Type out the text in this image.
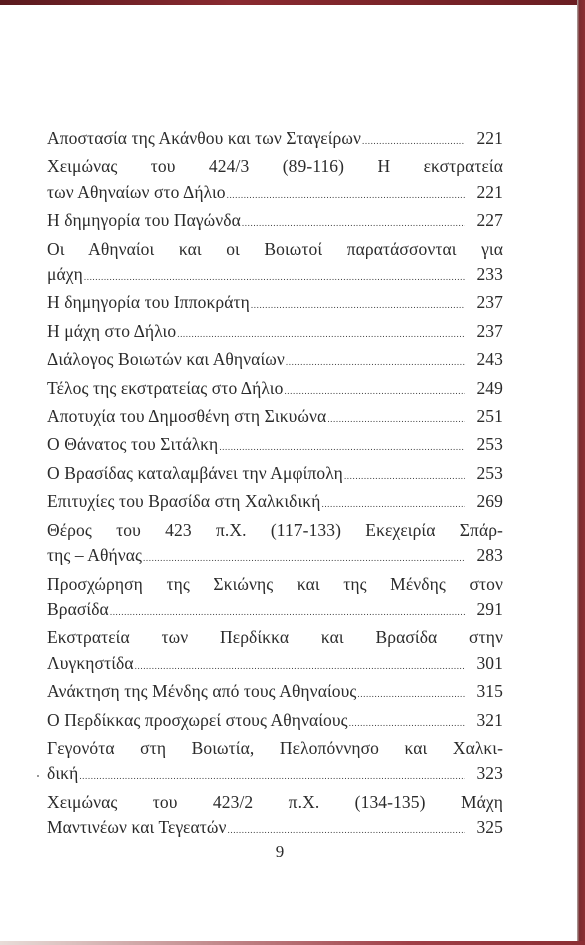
Αποστασία της Ακάνθου και των Σταγείρων .....	221
Χειμώνας του 424/3 (89-116) Η εκστρατεία
των Αθηναίων στο Δήλιο .....	221
Η δημηγορία του Παγώνδα .....	227
Οι Αθηναίοι και οι Βοιωτοί παρατάσσονται για
μάχη .....	233
Η δημηγορία του Ιπποκράτη .....	237
Η μάχη στο Δήλιο .....	237
Διάλογος Βοιωτών και Αθηναίων .....	243
Τέλος της εκστρατείας στο Δήλιο .....	249
Αποτυχία του Δημοσθένη στη Σικυώνα .....	251
Ο Θάνατος του Σιτάλκη .....	253
Ο Βρασίδας καταλαμβάνει την Αμφίπολη .....	253
Επιτυχίες του Βρασίδα στη Χαλκιδική .....	269
Θέρος του 423 π.Χ. (117-133) Εκεχειρία Σπάρ-
της – Αθήνας .....	283
Προσχώρηση της Σκιώνης και της Μένδης στον
Βρασίδα .....	291
Εκστρατεία των Περδίκκα και Βρασίδα στην
Λυγκηστίδα .....	301
Ανάκτηση της Μένδης από τους Αθηναίους .....	315
Ο Περδίκκας προσχωρεί στους Αθηναίους .....	321
Γεγονότα στη Βοιωτία, Πελοπόννησο και Χαλκι-
δική .....	323
Χειμώνας του 423/2 π.Χ. (134-135) Μάχη
Μαντινέων και Τεγεατών .....	325
9
